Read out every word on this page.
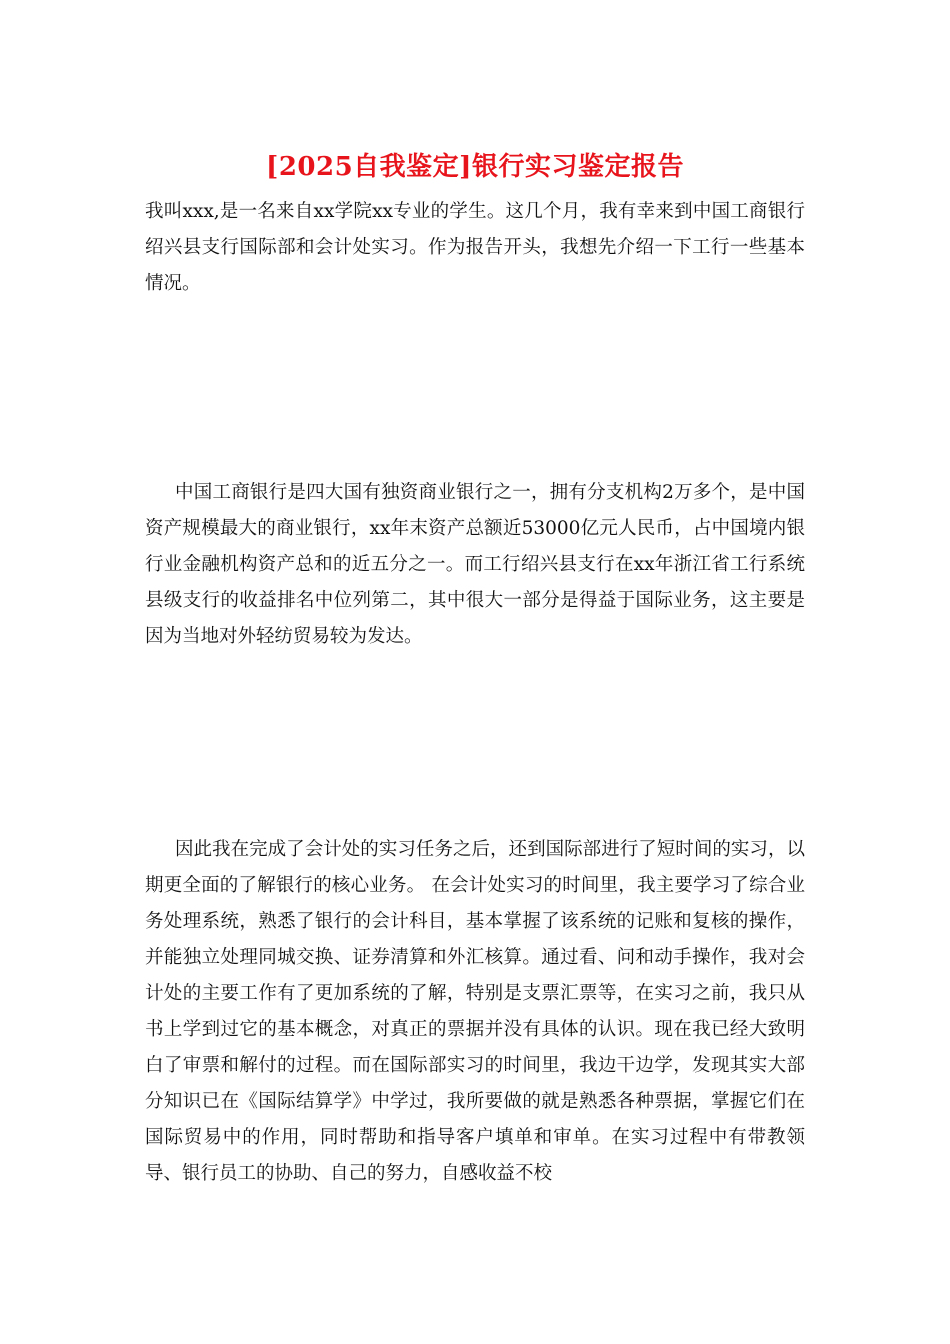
[2025自我鉴定]银行实习鉴定报告

我叫xxx,是一名来自xx学院xx专业的学生。这几个月，我有幸来到中国工商银行绍兴县支行国际部和会计处实习。作为报告开头，我想先介绍一下工行一些基本情况。

中国工商银行是四大国有独资商业银行之一，拥有分支机构2万多个，是中国资产规模最大的商业银行，xx年末资产总额近53000亿元人民币，占中国境内银行业金融机构资产总和的近五分之一。而工行绍兴县支行在xx年浙江省工行系统县级支行的收益排名中位列第二，其中很大一部分是得益于国际业务，这主要是因为当地对外轻纺贸易较为发达。

因此我在完成了会计处的实习任务之后，还到国际部进行了短时间的实习，以期更全面的了解银行的核心业务。 在会计处实习的时间里，我主要学习了综合业务处理系统，熟悉了银行的会计科目，基本掌握了该系统的记账和复核的操作，并能独立处理同城交换、证券清算和外汇核算。通过看、问和动手操作，我对会计处的主要工作有了更加系统的了解，特别是支票汇票等，在实习之前，我只从书上学到过它的基本概念，对真正的票据并没有具体的认识。现在我已经大致明白了审票和解付的过程。而在国际部实习的时间里，我边干边学，发现其实大部分知识已在《国际结算学》中学过，我所要做的就是熟悉各种票据，掌握它们在国际贸易中的作用，同时帮助和指导客户填单和审单。在实习过程中有带教领导、银行员工的协助、自己的努力，自感收益不校
